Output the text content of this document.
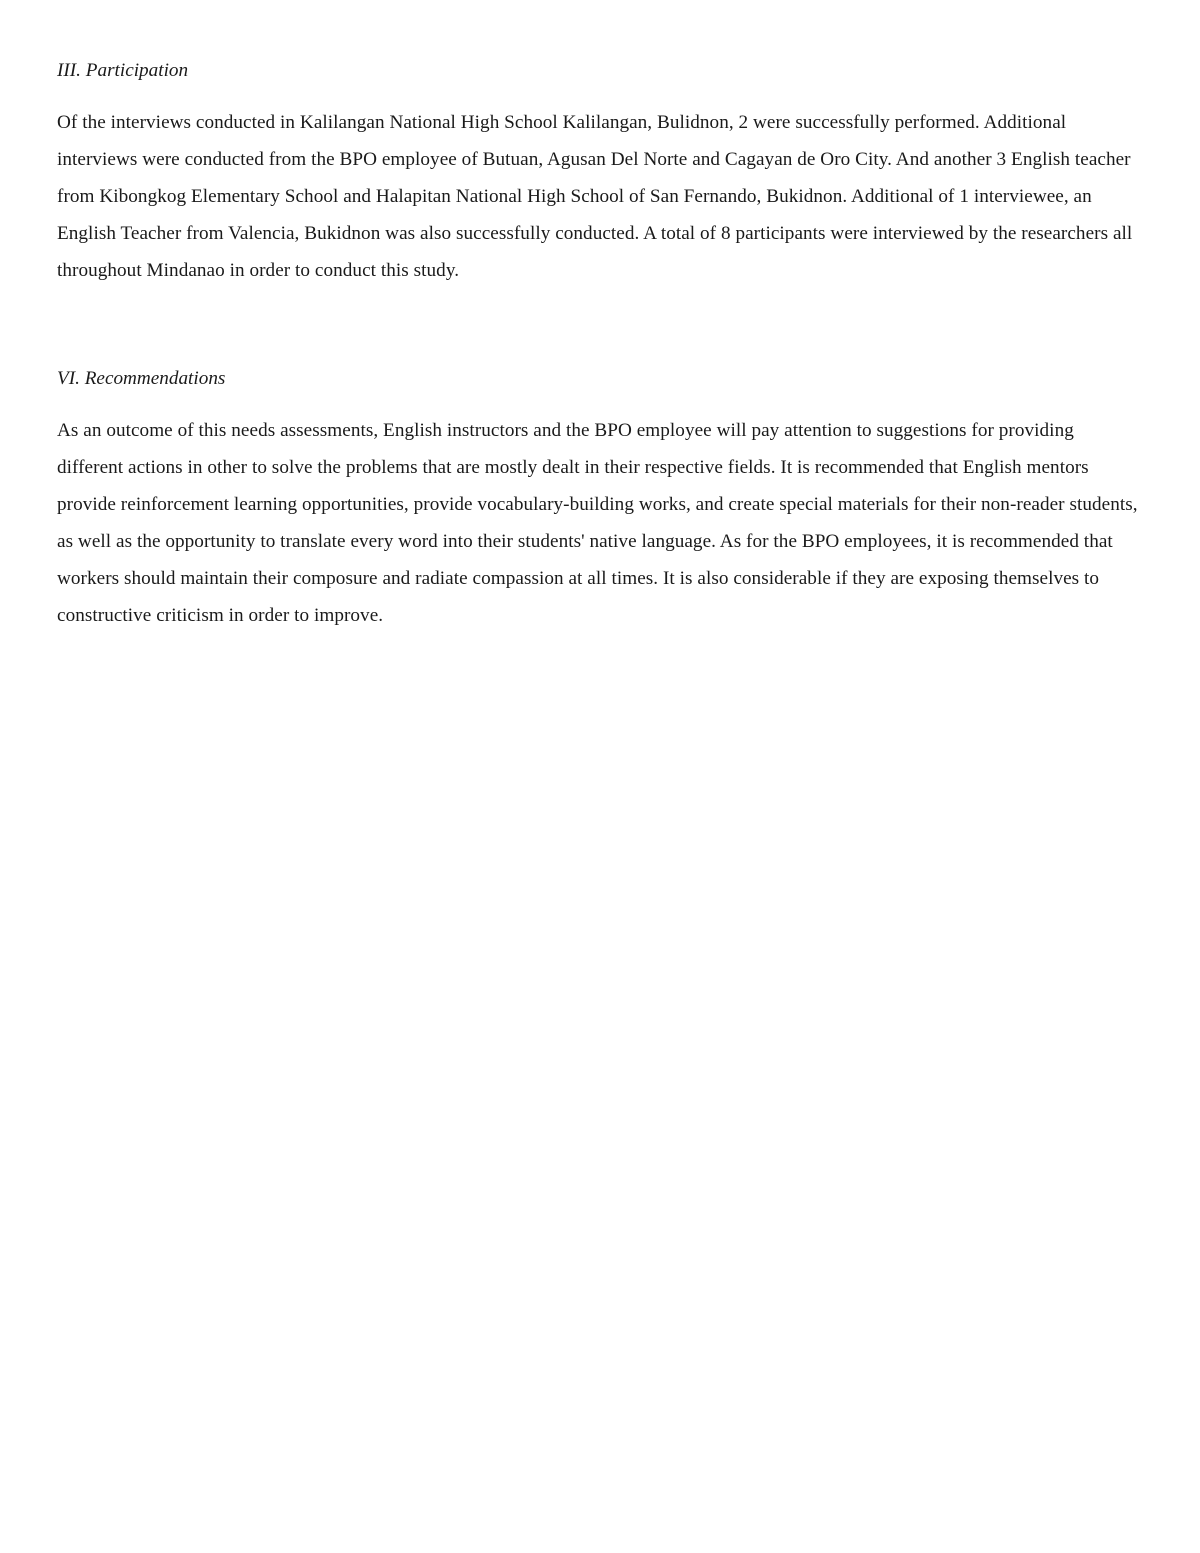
III. Participation

Of the interviews conducted in Kalilangan National High School Kalilangan, Bulidnon, 2 were successfully performed. Additional interviews were conducted from the BPO employee of Butuan, Agusan Del Norte and Cagayan de Oro City. And another 3 English teacher from Kibongkog Elementary School and Halapitan National High School of San Fernando, Bukidnon. Additional of 1 interviewee, an English Teacher from Valencia, Bukidnon was also successfully conducted. A total of 8 participants were interviewed by the researchers all throughout Mindanao in order to conduct this study.

VI. Recommendations

As an outcome of this needs assessments, English instructors and the BPO employee will pay attention to suggestions for providing different actions in other to solve the problems that are mostly dealt in their respective fields. It is recommended that English mentors provide reinforcement learning opportunities, provide vocabulary-building works, and create special materials for their non-reader students, as well as the opportunity to translate every word into their students' native language. As for the BPO employees, it is recommended that workers should maintain their composure and radiate compassion at all times. It is also considerable if they are exposing themselves to constructive criticism in order to improve.
